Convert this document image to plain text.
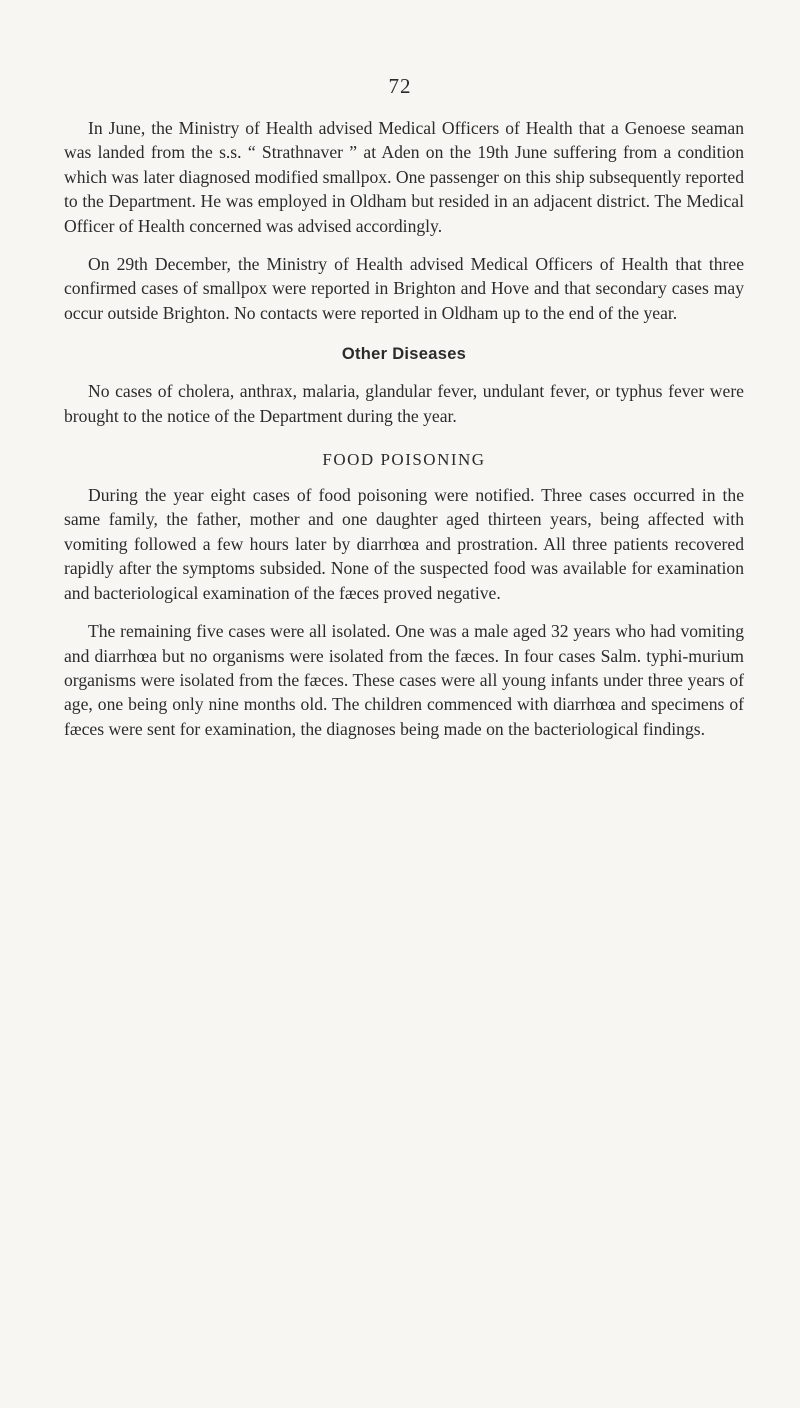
72

In June, the Ministry of Health advised Medical Officers of Health that a Genoese seaman was landed from the s.s. “ Strathnaver ” at Aden on the 19th June suffering from a condition which was later diagnosed modified smallpox. One passenger on this ship subsequently reported to the Department. He was employed in Oldham but resided in an adjacent district. The Medical Officer of Health concerned was advised accordingly.

On 29th December, the Ministry of Health advised Medical Officers of Health that three confirmed cases of smallpox were reported in Brighton and Hove and that secondary cases may occur outside Brighton. No contacts were reported in Oldham up to the end of the year.

Other Diseases

No cases of cholera, anthrax, malaria, glandular fever, undulant fever, or typhus fever were brought to the notice of the Department during the year.

FOOD POISONING

During the year eight cases of food poisoning were notified. Three cases occurred in the same family, the father, mother and one daughter aged thirteen years, being affected with vomiting followed a few hours later by diarrhœa and prostration. All three patients recovered rapidly after the symptoms subsided. None of the suspected food was available for examination and bacteriological examination of the fæces proved negative.

The remaining five cases were all isolated. One was a male aged 32 years who had vomiting and diarrhœa but no organisms were isolated from the fæces. In four cases Salm. typhi-murium organisms were isolated from the fæces. These cases were all young infants under three years of age, one being only nine months old. The children commenced with diarrhœa and specimens of fæces were sent for examination, the diagnoses being made on the bacteriological findings.
